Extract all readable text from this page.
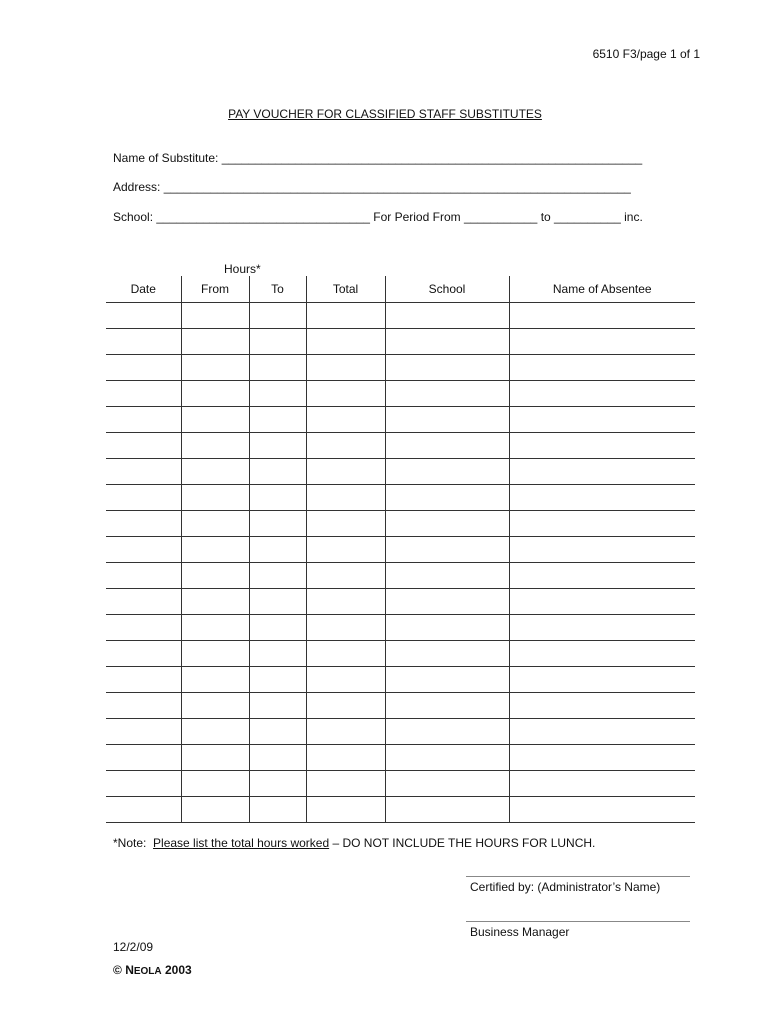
6510 F3/page 1 of 1
PAY VOUCHER FOR CLASSIFIED STAFF SUBSTITUTES
Name of Substitute: _______________________________________________________________
Address: ______________________________________________________________________
School: ________________________________ For Period From ___________ to __________ inc.
Hours*
Date	From	To	Total	School	Name of Absentee

*Note:  Please list the total hours worked – DO NOT INCLUDE THE HOURS FOR LUNCH.
Certified by: (Administrator’s Name)
Business Manager
12/2/09
© NEOLA 2003
